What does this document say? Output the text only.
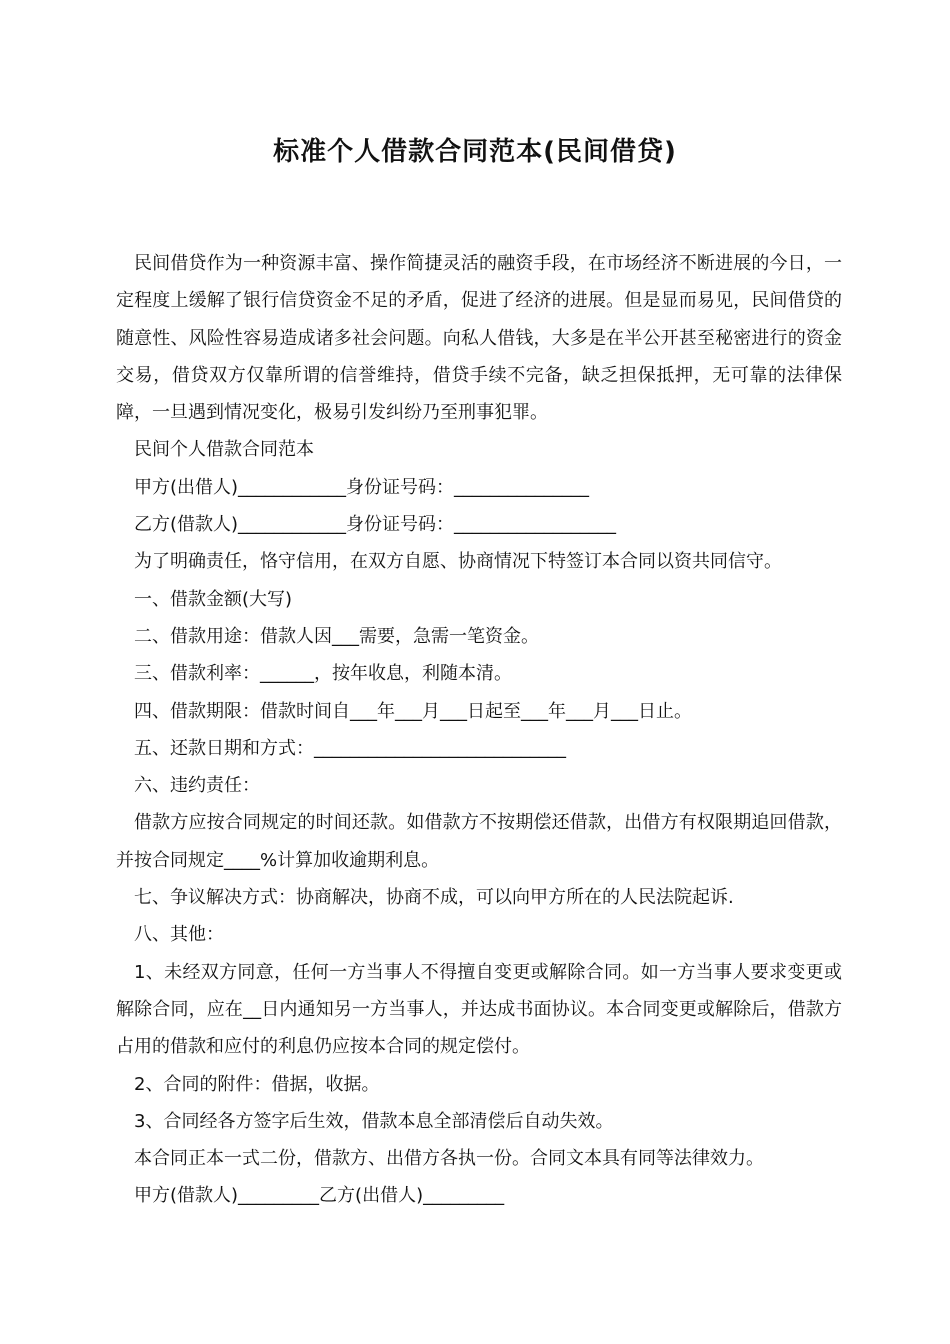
标准个人借款合同范本(民间借贷)

民间借贷作为一种资源丰富、操作简捷灵活的融资手段，在市场经济不断进展的今日，一定程度上缓解了银行信贷资金不足的矛盾，促进了经济的进展。但是显而易见，民间借贷的随意性、风险性容易造成诸多社会问题。向私人借钱，大多是在半公开甚至秘密进行的资金交易，借贷双方仅靠所谓的信誉维持，借贷手续不完备，缺乏担保抵押，无可靠的法律保障，一旦遇到情况变化，极易引发纠纷乃至刑事犯罪。

民间个人借款合同范本

甲方(出借人)____________身份证号码：_______________

乙方(借款人)____________身份证号码：__________________

为了明确责任，恪守信用，在双方自愿、协商情况下特签订本合同以资共同信守。

一、借款金额(大写)

二、借款用途：借款人因___需要，急需一笔资金。

三、借款利率：______，按年收息，利随本清。

四、借款期限：借款时间自___年___月___日起至___年___月___日止。

五、还款日期和方式：____________________________

六、违约责任：

借款方应按合同规定的时间还款。如借款方不按期偿还借款，出借方有权限期追回借款，并按合同规定____%计算加收逾期利息。

七、争议解决方式：协商解决，协商不成，可以向甲方所在的人民法院起诉.

八、其他：

1、未经双方同意，任何一方当事人不得擅自变更或解除合同。如一方当事人要求变更或解除合同，应在__日内通知另一方当事人，并达成书面协议。本合同变更或解除后，借款方占用的借款和应付的利息仍应按本合同的规定偿付。

2、合同的附件：借据，收据。

3、合同经各方签字后生效，借款本息全部清偿后自动失效。

本合同正本一式二份，借款方、出借方各执一份。合同文本具有同等法律效力。

甲方(借款人)_________乙方(出借人)_________
